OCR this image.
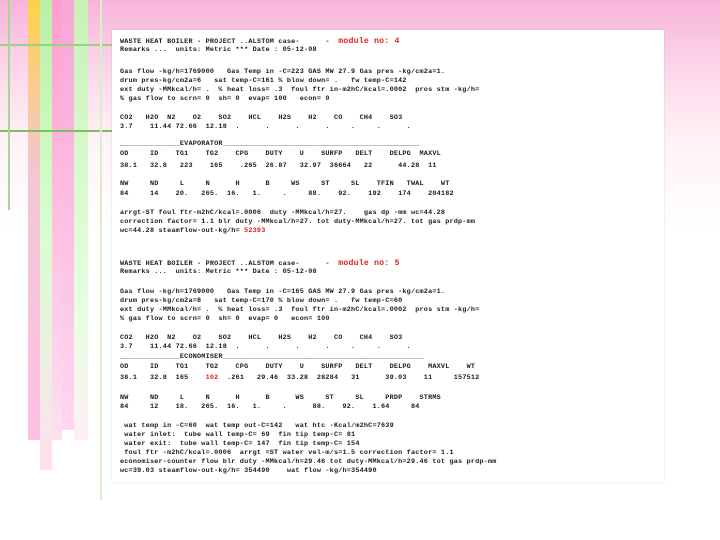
WASTE HEAT BOILER - PROJECT ..ALSTOM case-	- module no: 4
Remarks ...  units: Metric *** Date : 05-12-08
Gas flow -kg/h=1769000   Gas Temp in -C=223 GAS MW 27.9 Gas pres -kg/cm2a=1.
drum pres-kg/cm2a=6   sat temp-C=161 % blow down= .   fw temp-C=142
ext duty -MMkcal/h= .  % heat loss= .3  foul ftr in-m2hC/kcal=.0002  pros stm -kg/h=
% gas flow to scrn= 0  sh= 0  evap= 100   econ= 0
CO2   H2O  N2    O2    SO2    HCL    H2S    H2    CO    CH4    SO3
3.7    11.44 72.66  12.18  .      .      .      .     .     .      .
______________EVAPORATOR______________________________________________
OD     ID    TG1    TG2    CPG    DUTY    U    SURFP   DELT    DELPG  MAXVL
38.1   32.8   223    165    .265  26.87   32.97  36664   22      44.28  11
NW     ND     L     N      H      B     WS     ST     SL    TFIN   TWAL    WT
84     14    20.   265.  16.   1.     .     88.    92.    192    174    204182
arrgt-ST foul ftr-m2hC/kcal=.0006  duty -MMkcal/h=27.    gas dp -mm wc=44.28
correction factor= 1.1 blr duty -MMkcal/h=27. tot duty-MMkcal/h=27. tot gas prdp-mm
wc=44.28 steamflow-out-kg/h= 52393
WASTE HEAT BOILER - PROJECT ..ALSTOM case-	- module no: 5
Remarks ...  units: Metric *** Date : 05-12-08
Gas flow -kg/h=1769000   Gas Temp in -C=165 GAS MW 27.9 Gas pres -kg/cm2a=1.
drum pres-kg/cm2a=8   sat temp-C=170 % blow down= .   fw temp-C=60
ext duty -MMkcal/h= .  % heat loss= .3  foul ftr in-m2hC/kcal=.0002  pros stm -kg/h=
% gas flow to scrn= 0  sh= 0  evap= 0   econ= 100
CO2   H2O  N2    O2    SO2    HCL    H2S    H2    CO    CH4    SO3
3.7    11.44 72.66  12.18  .      .      .      .     .     .      .
______________ECONOMISER_______________________________________________
OD     ID    TG1    TG2    CPG    DUTY    U    SURFP   DELT    DELPG    MAXVL    WT
38.1   32.8  165    102  .261   29.46  33.28  28284   31      39.03    11     157512
NW     ND     L     N      H      B      WS     ST     SL     PRDP    STRMS
84     12    18.   265.  16.   1.     .      88.    92.    1.64     84
wat temp in -C=60  wat temp out-C=142   wat htc -Kcal/m2hC=7639
water inlet:  tube wall temp-C= 69  fin tip temp-C= 81
water exit:  tube wall temp-C= 147  fin tip temp-C= 154
foul ftr -m2hC/kcal=.0006  arrgt =ST water vel-m/s=1.5 correction factor= 1.1
economiser-counter flow blr duty -MMkcal/h=29.46 tot duty-MMkcal/h=29.46 tot gas prdp-mm
wc=39.03 steamflow-out-kg/h= 354490    wat flow -kg/h=354490
